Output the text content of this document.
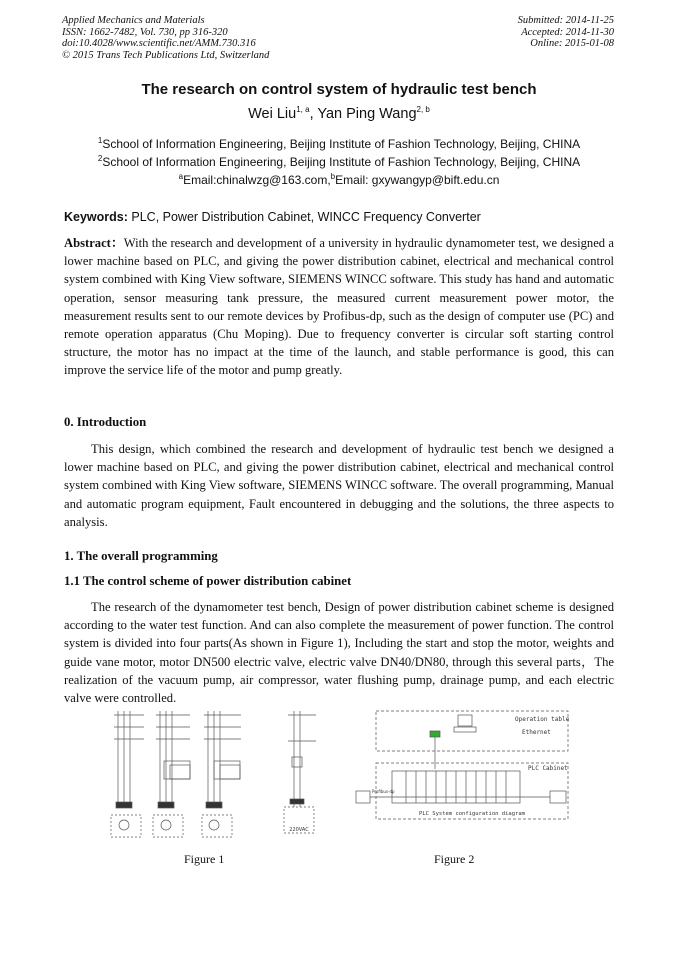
Applied Mechanics and Materials
ISSN: 1662-7482, Vol. 730, pp 316-320
doi:10.4028/www.scientific.net/AMM.730.316
© 2015 Trans Tech Publications Ltd, Switzerland
Submitted: 2014-11-25
Accepted: 2014-11-30
Online: 2015-01-08
The research on control system of hydraulic test bench
Wei Liu$^{1, a}$, Yan Ping Wang$^{2, b}$
$^1$School of Information Engineering, Beijing Institute of Fashion Technology, Beijing, CHINA
$^2$School of Information Engineering, Beijing Institute of Fashion Technology, Beijing, CHINA
$^a$Email:chinalwzg@163.com,$^b$Email: gxywangyp@bift.edu.cn
Keywords: PLC, Power Distribution Cabinet, WINCC Frequency Converter
Abstract：With the research and development of a university in hydraulic dynamometer test, we designed a lower machine based on PLC, and giving the power distribution cabinet, electrical and mechanical control system combined with King View software, SIEMENS WINCC software. This study has hand and automatic operation, sensor measuring tank pressure, the measured current measurement power motor, the measurement results sent to our remote devices by Profibus-dp, such as the design of computer use (PC) and remote operation apparatus (Chu Moping). Due to frequency converter is circular soft starting control structure, the motor has no impact at the time of the launch, and stable performance is good, this can improve the service life of the motor and pump greatly.
0. Introduction
This design, which combined the research and development of hydraulic test bench we designed a lower machine based on PLC, and giving the power distribution cabinet, electrical and mechanical control system combined with King View software, SIEMENS WINCC software. The overall programming, Manual and automatic program equipment, Fault encountered in debugging and the solutions, the three aspects to analysis.
1. The overall programming
1.1 The control scheme of power distribution cabinet
The research of the dynamometer test bench, Design of power distribution cabinet scheme is designed according to the water test function. And can also complete the measurement of power function. The control system is divided into four parts(As shown in Figure 1), Including the start and stop the motor, weights and guide vane motor, motor DN500 electric valve, electric valve DN40/DN80, through this several parts，The realization of the vacuum pump, air compressor, water flushing pump, drainage pump, and each electric valve were controlled.
220VAC
Figure 1
Operation table
Ethernet
PLC Cabinet
Profibus-dp
PLC System configuration diagram
Figure 2
